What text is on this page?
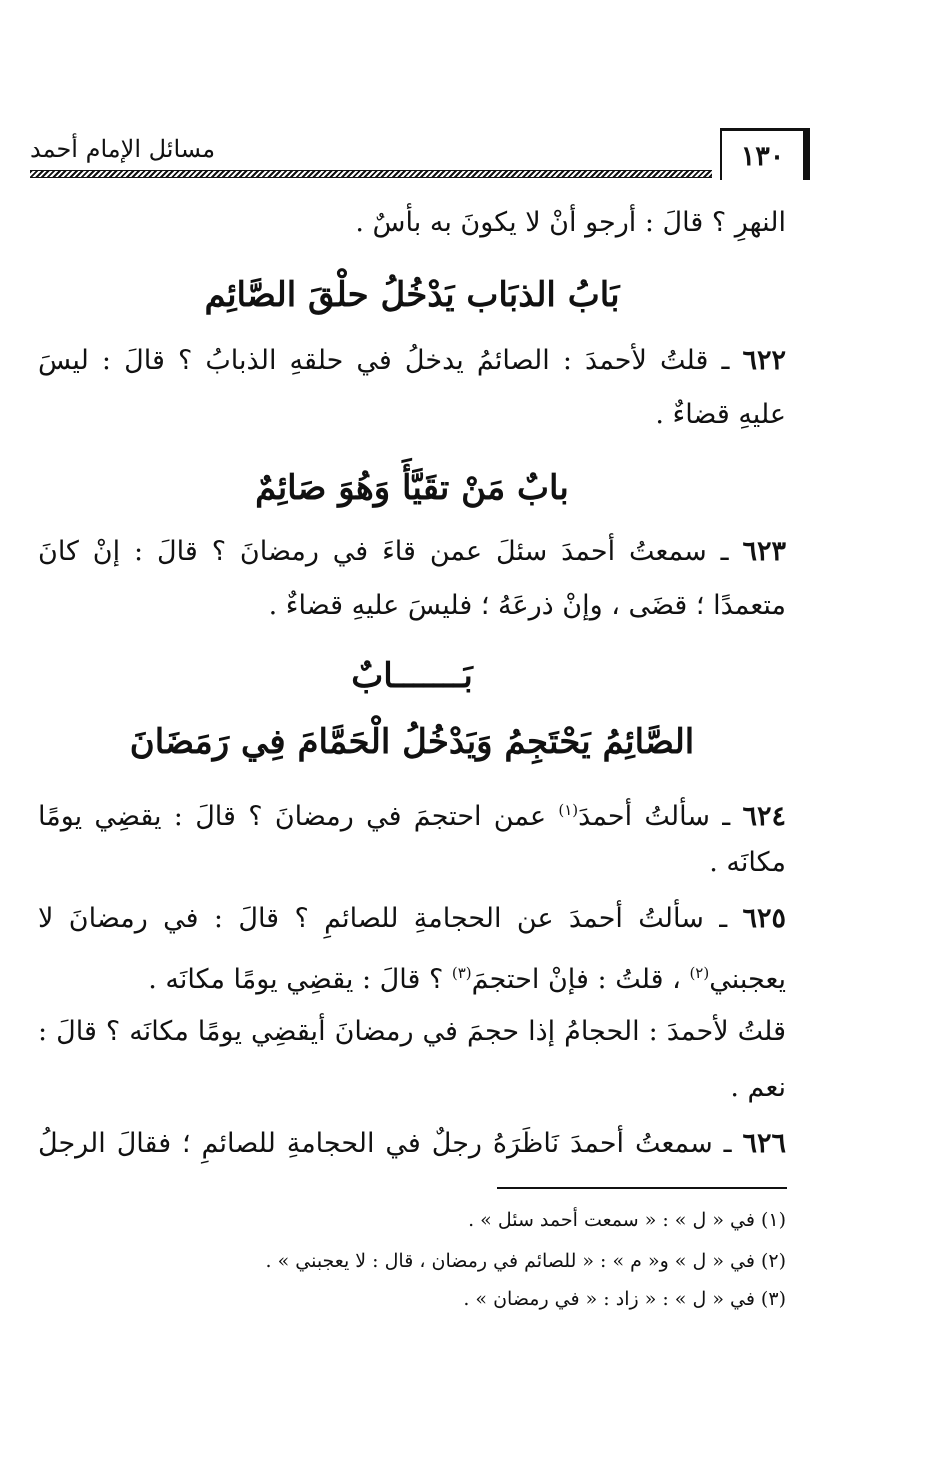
١٣٠
مسائل الإمام أحمد
النهرِ ؟ قالَ : أرجو أنْ لا يكونَ به بأسٌ .
بَابُ الذبَاب يَدْخُلُ حلْقَ الصَّائِم
٦٢٢ ـ قلتُ لأحمدَ : الصائمُ يدخلُ في حلقهِ الذبابُ ؟ قالَ : ليسَ
عليهِ قضاءٌ .
بابٌ مَنْ تقَيَّأَ وَهُوَ صَائِمٌ
٦٢٣ ـ سمعتُ أحمدَ سئلَ عمن قاءَ في رمضانَ ؟ قالَ : إنْ كانَ
متعمدًا ؛ قضَى ، وإنْ ذرعَهُ ؛ فليسَ عليهِ قضاءٌ .
بَـــــــابٌ
الصَّائِمُ يَحْتَجِمُ وَيَدْخُلُ الْحَمَّامَ فِي رَمَضَانَ
٦٢٤ ـ سألتُ أحمدَ$^{(١)}$ عمن احتجمَ في رمضانَ ؟ قالَ : يقضِي يومًا
مكانَه .
٦٢٥ ـ سألتُ أحمدَ عن الحجامةِ للصائمِ ؟ قالَ : في رمضانَ لا
يعجبني$^{(٢)}$ ، قلتُ : فإنْ احتجمَ$^{(٣)}$ ؟ قالَ : يقضِي يومًا مكانَه .
قلتُ لأحمدَ : الحجامُ إذا حجمَ في رمضانَ أيقضِي يومًا مكانَه ؟ قالَ :
نعم .
٦٢٦ ـ سمعتُ أحمدَ نَاظَرَهُ رجلٌ في الحجامةِ للصائمِ ؛ فقالَ الرجلُ
(١) في « ل » : « سمعت أحمد سئل » .
(٢) في « ل » و« م » : « للصائم في رمضان ، قال : لا يعجبني » .
(٣) في « ل » : « زاد : « في رمضان » .
